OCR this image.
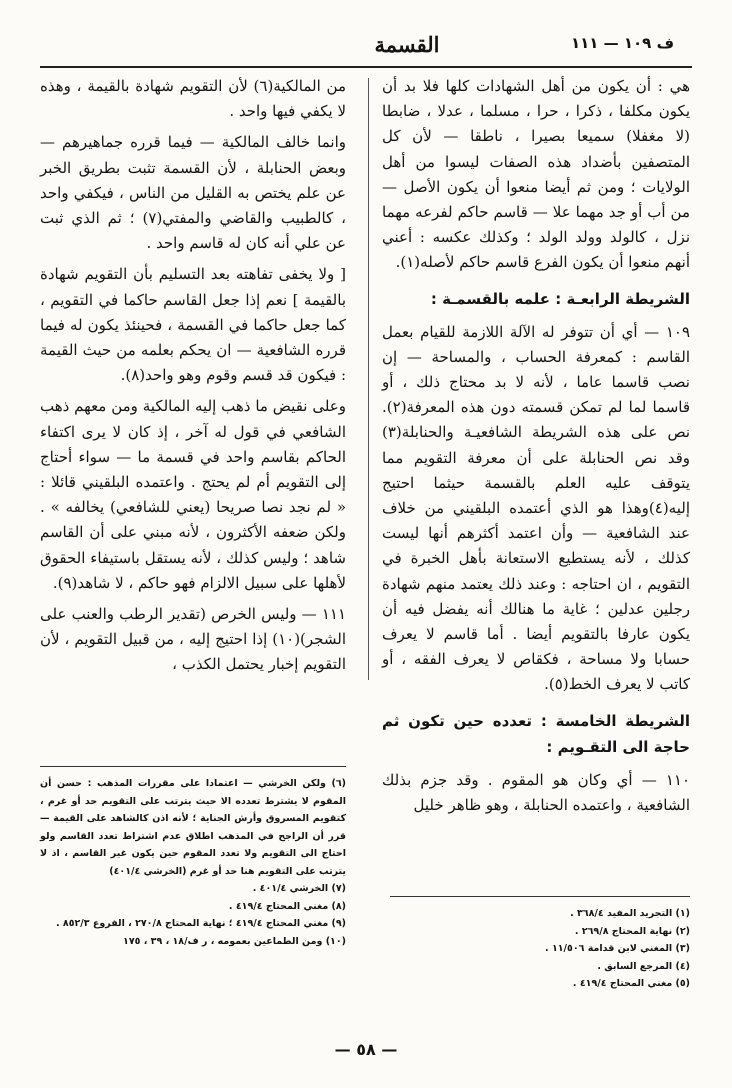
ف ١٠٩ — ١١١
القسمة

هي : أن يكون من أهل الشهادات كلها فلا بد أن يكون مكلفا ، ذكرا ، حرا ، مسلما ، عدلا ، ضابطا (لا مغفلا) سميعا بصيرا ، ناطقا — لأن كل المتصفين بأضداد هذه الصفات ليسوا من أهل الولايات ؛ ومن ثم أيضا منعوا أن يكون الأصل — من أب أو جد مهما علا — قاسم حاكم لفرعه مهما نزل ، كالولد وولد الولد ؛ وكذلك عكسه : أعني أنهم منعوا أن يكون الفرع قاسم حاكم لأصله(١).

الشريطة الرابعـة : علمه بالقسمـة :

١٠٩ — أي أن تتوفر له الآلة اللازمة للقيام بعمل القاسم : كمعرفة الحساب ، والمساحة — إن نصب قاسما عاما ، لأنه لا بد محتاج ذلك ، أو قاسما لما لم تمكن قسمته دون هذه المعرفة(٢). نص على هذه الشريطة الشافعيـة والحنابلة(٣) وقد نص الحنابلة على أن معرفة التقويم مما يتوقف عليه العلم بالقسمة حيثما احتيج إليه(٤)وهذا هو الذي أعتمده البلقيني من خلاف عند الشافعية — وأن اعتمد أكثرهم أنها ليست كذلك ، لأنه يستطيع الاستعانة بأهل الخبرة في التقويم ، ان احتاجه : وعند ذلك يعتمد منهم شهادة رجلين عدلين ؛ غاية ما هنالك أنه يفضل فيه أن يكون عارفا بالتقويم أيضا . أما قاسم لا يعرف حسابا ولا مساحة ، فكقاص لا يعرف الفقه ، أو كاتب لا يعرف الخط(٥).

الشريطة الخامسة : تعدده حين تكون ثم حاجة الى التقـويم :

١١٠ — أي وكان هو المقوم . وقد جزم بذلك الشافعية ، واعتمده الحنابلة ، وهو ظاهر خليل

من المالكية(٦) لأن التقويم شهادة بالقيمة ، وهذه لا يكفي فيها واحد .

وانما خالف المالكية — فيما قرره جماهيرهم — وبعض الحنابلة ، لأن القسمة تثبت بطريق الخبر عن علم يختص به القليل من الناس ، فيكفي واحد ، كالطبيب والقاضي والمفتي(٧) ؛ ثم الذي ثبت عن علي أنه كان له قاسم واحد .

[ ولا يخفى تفاهته بعد التسليم بأن التقويم شهادة بالقيمة ] نعم إذا جعل القاسم حاكما في التقويم ، كما جعل حاكما في القسمة ، فحينئذ يكون له فيما قرره الشافعية — ان يحكم بعلمه من حيث القيمة : فيكون قد قسم وقوم وهو واحد(٨).

وعلى نقيض ما ذهب إليه المالكية ومن معهم ذهب الشافعي في قول له آخر ، إذ كان لا يرى اكتفاء الحاكم بقاسم واحد في قسمة ما — سواء أحتاج إلى التقويم أم لم يحتج . واعتمده البلقيني قائلا : « لم نجد نصا صريحا (يعني للشافعي) يخالفه » . ولكن ضعفه الأكثرون ، لأنه مبني على أن القاسم شاهد ؛ وليس كذلك ، لأنه يستقل باستيفاء الحقوق لأهلها على سبيل الالزام فهو حاكم ، لا شاهد(٩).

١١١ — وليس الخرص (تقدير الرطب والعنب على الشجر)(١٠) إذا احتيج إليه ، من قبيل التقويم ، لأن التقويم إخبار يحتمل الكذب ،

(٦) ولكن الخرشي — اعتمادا على مقررات المذهب : حسن أن المقوم لا يشترط تعدده الا حيث يترتب على التقويم حد أو غرم ، كتقويم المسروق وأرش الجناية ؛ لأنه اذن كالشاهد على القيمة — قرر أن الراجح في المذهب اطلاق عدم اشتراط تعدد القاسم ولو احتاج الى التقويم ولا تعدد المقوم حين يكون غير القاسم ، اذ لا يترتب على التقويم هنا حد أو غرم (الخرشي ٤٠١/٤)

(٧) الخرشي ٤٠١/٤ .

(٨) مغني المحتاج ٤١٩/٤ .

(٩) مغني المحتاج ٤١٩/٤ ؛ نهاية المحتاج ٢٧٠/٨ ، الفروع ٨٥٢/٣ .

(١٠) ومن الطماعين بعمومه ، ر ف/١٨ ، ٣٩ ، ١٧٥

(١) التجريد المفيد ٣٦٨/٤ .

(٢) نهاية المحتاج ٢٦٩/٨ .

(٣) المغني لابن قدامة ١١/٥٠٦ .

(٤) المرجع السابق .

(٥) مغني المحتاج ٤١٩/٤ .

— ٥٨ —
